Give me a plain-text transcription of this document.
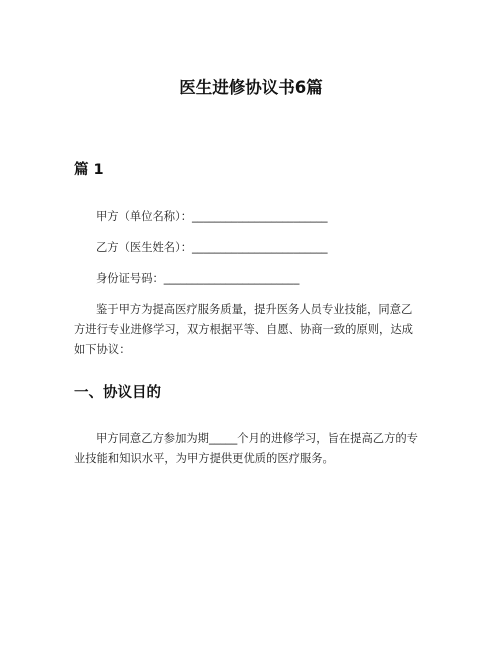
医生进修协议书6篇
篇 1
甲方（单位名称）：________________________
乙方（医生姓名）：________________________
身份证号码：________________________
鉴于甲方为提高医疗服务质量，提升医务人员专业技能，同意乙
方进行专业进修学习，双方根据平等、自愿、协商一致的原则，达成
如下协议：
一、协议目的
甲方同意乙方参加为期_____个月的进修学习，旨在提高乙方的专
业技能和知识水平，为甲方提供更优质的医疗服务。
